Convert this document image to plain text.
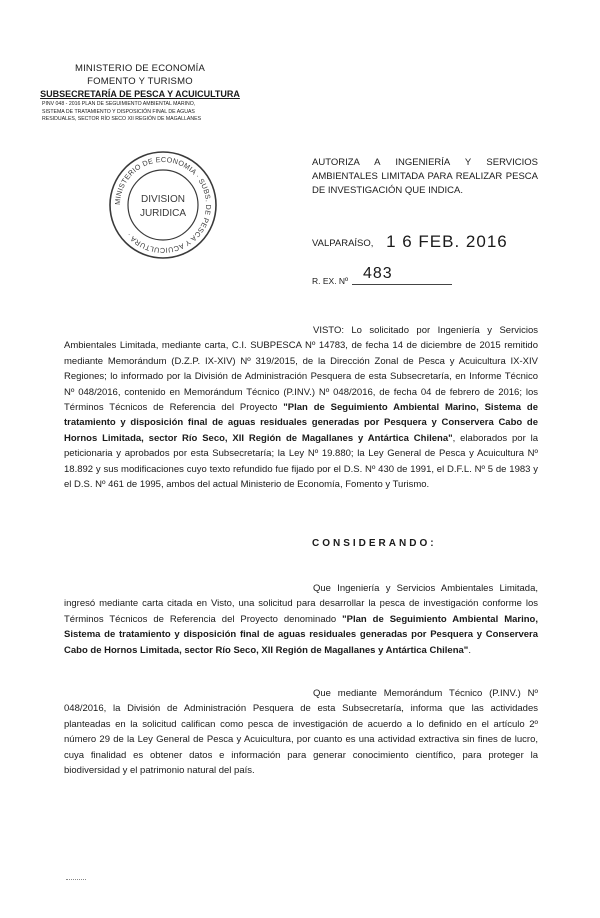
MINISTERIO DE ECONOMÍA
FOMENTO Y TURISMO
SUBSECRETARÍA DE PESCA Y ACUICULTURA
PINV 048 - 2016 PLAN DE SEGUIMIENTO AMBIENTAL MARINO,
SISTEMA DE TRATAMIENTO Y DISPOSICIÓN FINAL DE AGUAS
RESIDUALES, SECTOR RÍO SECO XII REGIÓN DE MAGALLANES
MINISTERIO DE ECONOMIA · SUBS. DE PESCA Y ACUICULTURA ·
DIVISION
JURIDICA
AUTORIZA A INGENIERÍA Y SERVICIOS AMBIENTALES LIMITADA PARA REALIZAR PESCA DE INVESTIGACIÓN QUE INDICA.
VALPARAÍSO, 1 6 FEB. 2016
R. EX. Nº 483
VISTO: Lo solicitado por Ingeniería y Servicios Ambientales Limitada, mediante carta, C.I. SUBPESCA Nº 14783, de fecha 14 de diciembre de 2015 remitido mediante Memorándum (D.Z.P. IX-XIV) Nº 319/2015, de la Dirección Zonal de Pesca y Acuicultura IX-XIV Regiones; lo informado por la División de Administración Pesquera de esta Subsecretaría, en Informe Técnico Nº 048/2016, contenido en Memorándum Técnico (P.INV.) Nº 048/2016, de fecha 04 de febrero de 2016; los Términos Técnicos de Referencia del Proyecto "Plan de Seguimiento Ambiental Marino, Sistema de tratamiento y disposición final de aguas residuales generadas por Pesquera y Conservera Cabo de Hornos Limitada, sector Río Seco, XII Región de Magallanes y Antártica Chilena", elaborados por la peticionaria y aprobados por esta Subsecretaría; la Ley Nº 19.880; la Ley General de Pesca y Acuicultura Nº 18.892 y sus modificaciones cuyo texto refundido fue fijado por el D.S. Nº 430 de 1991, el D.F.L. Nº 5 de 1983 y el D.S. Nº 461 de 1995, ambos del actual Ministerio de Economía, Fomento y Turismo.
CONSIDERANDO:
Que Ingeniería y Servicios Ambientales Limitada, ingresó mediante carta citada en Visto, una solicitud para desarrollar la pesca de investigación conforme los Términos Técnicos de Referencia del Proyecto denominado "Plan de Seguimiento Ambiental Marino, Sistema de tratamiento y disposición final de aguas residuales generadas por Pesquera y Conservera Cabo de Hornos Limitada, sector Río Seco, XII Región de Magallanes y Antártica Chilena".
Que mediante Memorándum Técnico (P.INV.) Nº 048/2016, la División de Administración Pesquera de esta Subsecretaría, informa que las actividades planteadas en la solicitud califican como pesca de investigación de acuerdo a lo definido en el artículo 2º número 29 de la Ley General de Pesca y Acuicultura, por cuanto es una actividad extractiva sin fines de lucro, cuya finalidad es obtener datos e información para generar conocimiento científico, para proteger la biodiversidad y el patrimonio natural del país.
